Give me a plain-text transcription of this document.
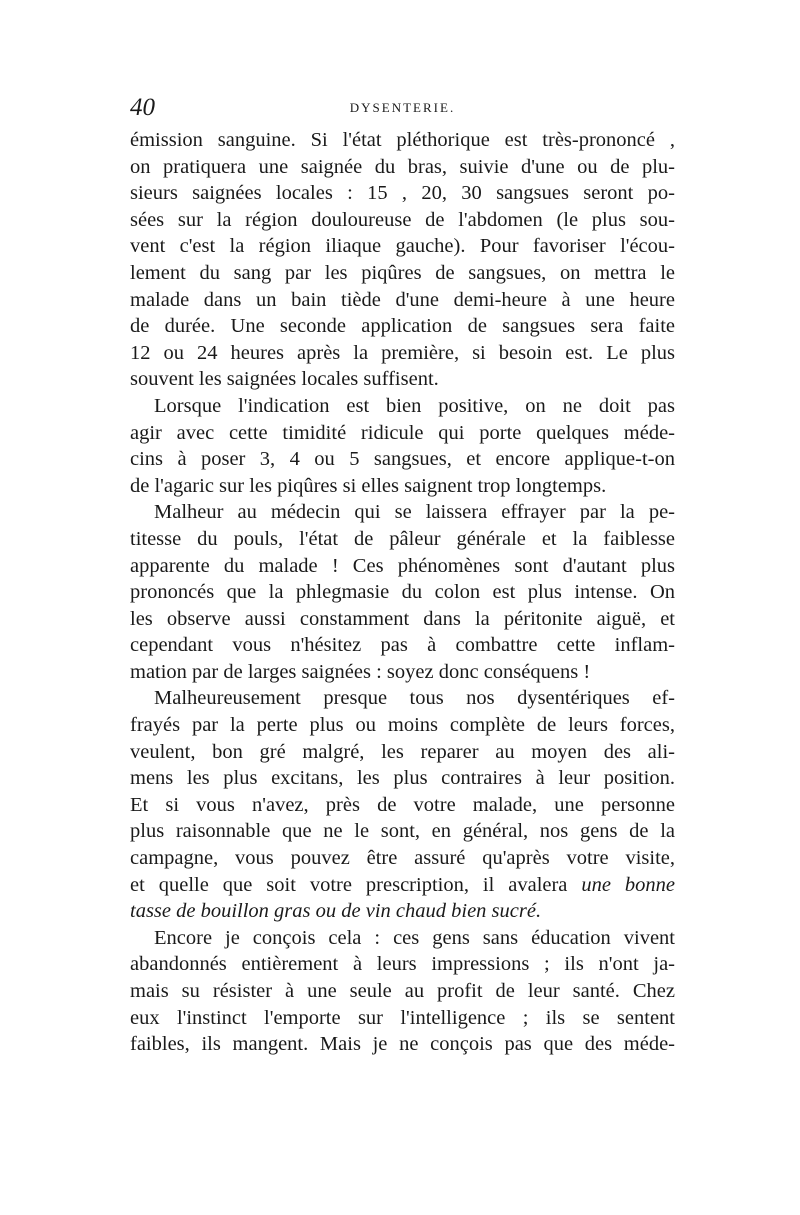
40	DYSENTERIE.
émission sanguine. Si l'état pléthorique est très-prononcé ,
on pratiquera une saignée du bras, suivie d'une ou de plu-
sieurs saignées locales : 15 , 20, 30 sangsues seront po-
sées sur la région douloureuse de l'abdomen (le plus sou-
vent c'est la région iliaque gauche). Pour favoriser l'écou-
lement du sang par les piqûres de sangsues, on mettra le
malade dans un bain tiède d'une demi-heure à une heure
de durée. Une seconde application de sangsues sera faite
12 ou 24 heures après la première, si besoin est. Le plus
souvent les saignées locales suffisent.
Lorsque l'indication est bien positive, on ne doit pas
agir avec cette timidité ridicule qui porte quelques méde-
cins à poser 3, 4 ou 5 sangsues, et encore applique-t-on
de l'agaric sur les piqûres si elles saignent trop longtemps.
Malheur au médecin qui se laissera effrayer par la pe-
titesse du pouls, l'état de pâleur générale et la faiblesse
apparente du malade ! Ces phénomènes sont d'autant plus
prononcés que la phlegmasie du colon est plus intense. On
les observe aussi constamment dans la péritonite aiguë, et
cependant vous n'hésitez pas à combattre cette inflam-
mation par de larges saignées : soyez donc conséquens !
Malheureusement presque tous nos dysentériques ef-
frayés par la perte plus ou moins complète de leurs forces,
veulent, bon gré malgré, les reparer au moyen des ali-
mens les plus excitans, les plus contraires à leur position.
Et si vous n'avez, près de votre malade, une personne
plus raisonnable que ne le sont, en général, nos gens de la
campagne, vous pouvez être assuré qu'après votre visite,
et quelle que soit votre prescription, il avalera une bonne
tasse de bouillon gras ou de vin chaud bien sucré.
Encore je conçois cela : ces gens sans éducation vivent
abandonnés entièrement à leurs impressions ; ils n'ont ja-
mais su résister à une seule au profit de leur santé. Chez
eux l'instinct l'emporte sur l'intelligence ; ils se sentent
faibles, ils mangent. Mais je ne conçois pas que des méde-
